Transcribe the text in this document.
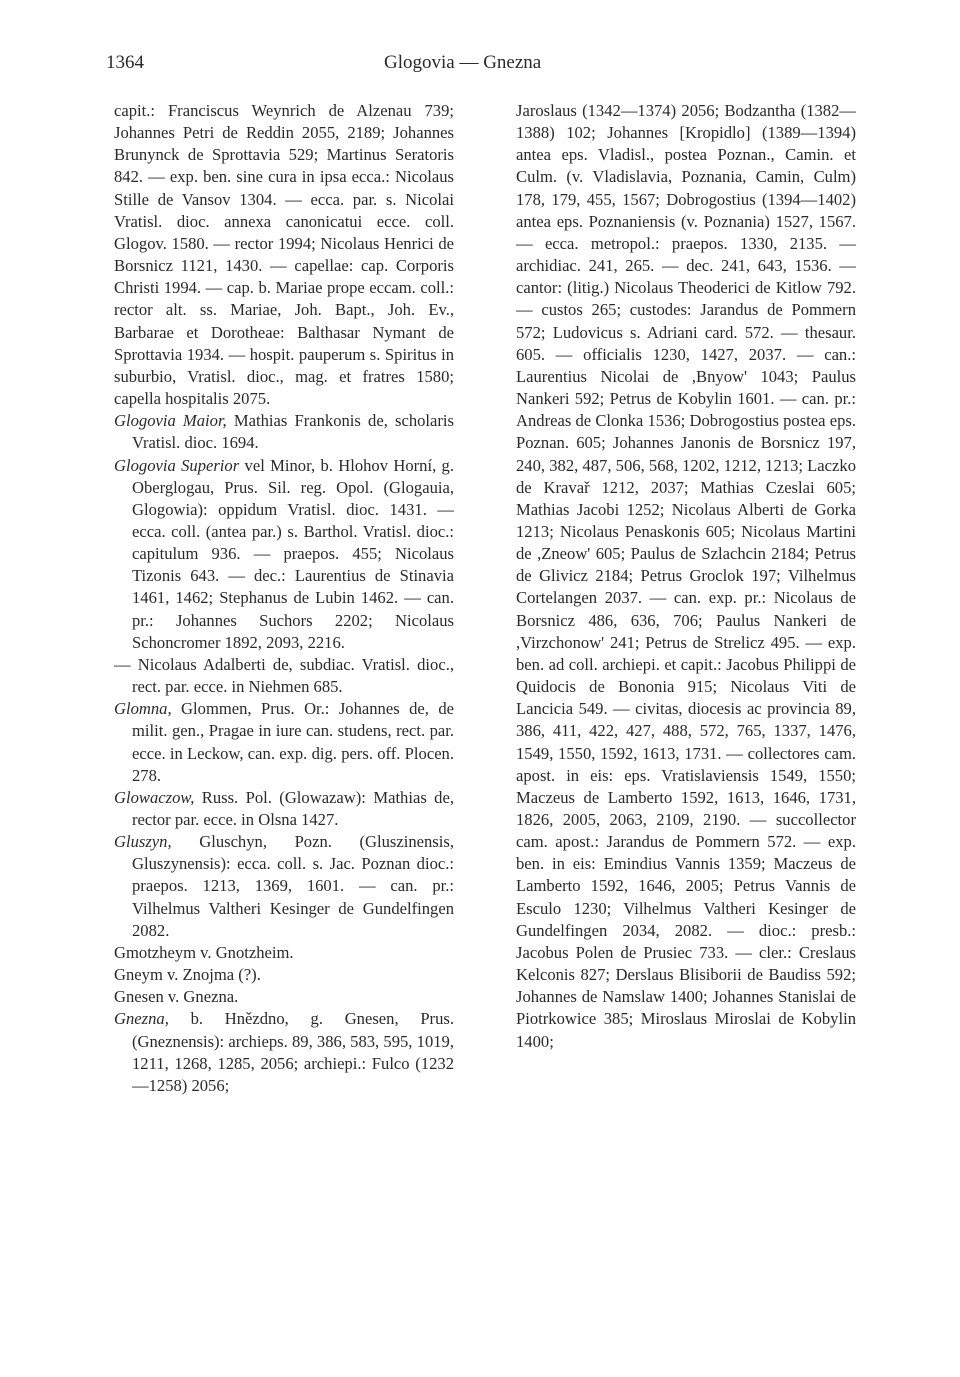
1364	Glogovia — Gnezna

capit.: Franciscus Weynrich de Alzenau 739; Johannes Petri de Reddin 2055, 2189; Johannes Brunynck de Sprottavia 529; Martinus Seratoris 842. — exp. ben. sine cura in ipsa ecca.: Nicolaus Stille de Vansov 1304. — ecca. par. s. Nicolai Vratisl. dioc. annexa canonicatui ecce. coll. Glogov. 1580. — rector 1994; Nicolaus Henrici de Borsnicz 1121, 1430. — capellae: cap. Corporis Christi 1994. — cap. b. Mariae prope eccam. coll.: rector alt. ss. Mariae, Joh. Bapt., Joh. Ev., Barbarae et Dorotheae: Balthasar Nymant de Sprottavia 1934. — hospit. pauperum s. Spiritus in suburbio, Vratisl. dioc., mag. et fratres 1580; capella hospitalis 2075.

Glogovia Maior, Mathias Frankonis de, scholaris Vratisl. dioc. 1694.

Glogovia Superior vel Minor, b. Hlohov Horní, g. Oberglogau, Prus. Sil. reg. Opol. (Glogauia, Glogowia): oppidum Vratisl. dioc. 1431. — ecca. coll. (antea par.) s. Barthol. Vratisl. dioc.: capitulum 936. — praepos. 455; Nicolaus Tizonis 643. — dec.: Laurentius de Stinavia 1461, 1462; Stephanus de Lubin 1462. — can. pr.: Johannes Suchors 2202; Nicolaus Schoncromer 1892, 2093, 2216.

— Nicolaus Adalberti de, subdiac. Vratisl. dioc., rect. par. ecce. in Niehmen 685.

Glomna, Glommen, Prus. Or.: Johannes de, de milit. gen., Pragae in iure can. studens, rect. par. ecce. in Leckow, can. exp. dig. pers. off. Plocen. 278.

Glowaczow, Russ. Pol. (Glowazaw): Mathias de, rector par. ecce. in Olsna 1427.

Gluszyn, Gluschyn, Pozn. (Gluszinensis, Gluszynensis): ecca. coll. s. Jac. Poznan dioc.: praepos. 1213, 1369, 1601. — can. pr.: Vilhelmus Valtheri Kesinger de Gundelfingen 2082.

Gmotzheym v. Gnotzheim.

Gneym v. Znojma (?).

Gnesen v. Gnezna.

Gnezna, b. Hnězdno, g. Gnesen, Prus. (Gneznensis): archieps. 89, 386, 583, 595, 1019, 1211, 1268, 1285, 2056; archiepi.: Fulco (1232—1258) 2056;

Jaroslaus (1342—1374) 2056; Bodzantha (1382—1388) 102; Johannes [Kropidlo] (1389—1394) antea eps. Vladisl., postea Poznan., Camin. et Culm. (v. Vladislavia, Poznania, Camin, Culm) 178, 179, 455, 1567; Dobrogostius (1394—1402) antea eps. Poznaniensis (v. Poznania) 1527, 1567. — ecca. metropol.: praepos. 1330, 2135. — archidiac. 241, 265. — dec. 241, 643, 1536. — cantor: (litig.) Nicolaus Theoderici de Kitlow 792. — custos 265; custodes: Jarandus de Pommern 572; Ludovicus s. Adriani card. 572. — thesaur. 605. — officialis 1230, 1427, 2037. — can.: Laurentius Nicolai de ,Bnyow' 1043; Paulus Nankeri 592; Petrus de Kobylin 1601. — can. pr.: Andreas de Clonka 1536; Dobrogostius postea eps. Poznan. 605; Johannes Janonis de Borsnicz 197, 240, 382, 487, 506, 568, 1202, 1212, 1213; Laczko de Kravař 1212, 2037; Mathias Czeslai 605; Mathias Jacobi 1252; Nicolaus Alberti de Gorka 1213; Nicolaus Penaskonis 605; Nicolaus Martini de ,Zneow' 605; Paulus de Szlachcin 2184; Petrus de Glivicz 2184; Petrus Groclok 197; Vilhelmus Cortelangen 2037. — can. exp. pr.: Nicolaus de Borsnicz 486, 636, 706; Paulus Nankeri de ,Virzchonow' 241; Petrus de Strelicz 495. — exp. ben. ad coll. archiepi. et capit.: Jacobus Philippi de Quidocis de Bononia 915; Nicolaus Viti de Lancicia 549. — civitas, diocesis ac provincia 89, 386, 411, 422, 427, 488, 572, 765, 1337, 1476, 1549, 1550, 1592, 1613, 1731. — collectores cam. apost. in eis: eps. Vratislaviensis 1549, 1550; Maczeus de Lamberto 1592, 1613, 1646, 1731, 1826, 2005, 2063, 2109, 2190. — succollector cam. apost.: Jarandus de Pommern 572. — exp. ben. in eis: Emindius Vannis 1359; Maczeus de Lamberto 1592, 1646, 2005; Petrus Vannis de Esculo 1230; Vilhelmus Valtheri Kesinger de Gundelfingen 2034, 2082. — dioc.: presb.: Jacobus Polen de Prusiec 733. — cler.: Creslaus Kelconis 827; Derslaus Blisiborii de Baudiss 592; Johannes de Namslaw 1400; Johannes Stanislai de Piotrkowice 385; Miroslaus Miroslai de Kobylin 1400;
